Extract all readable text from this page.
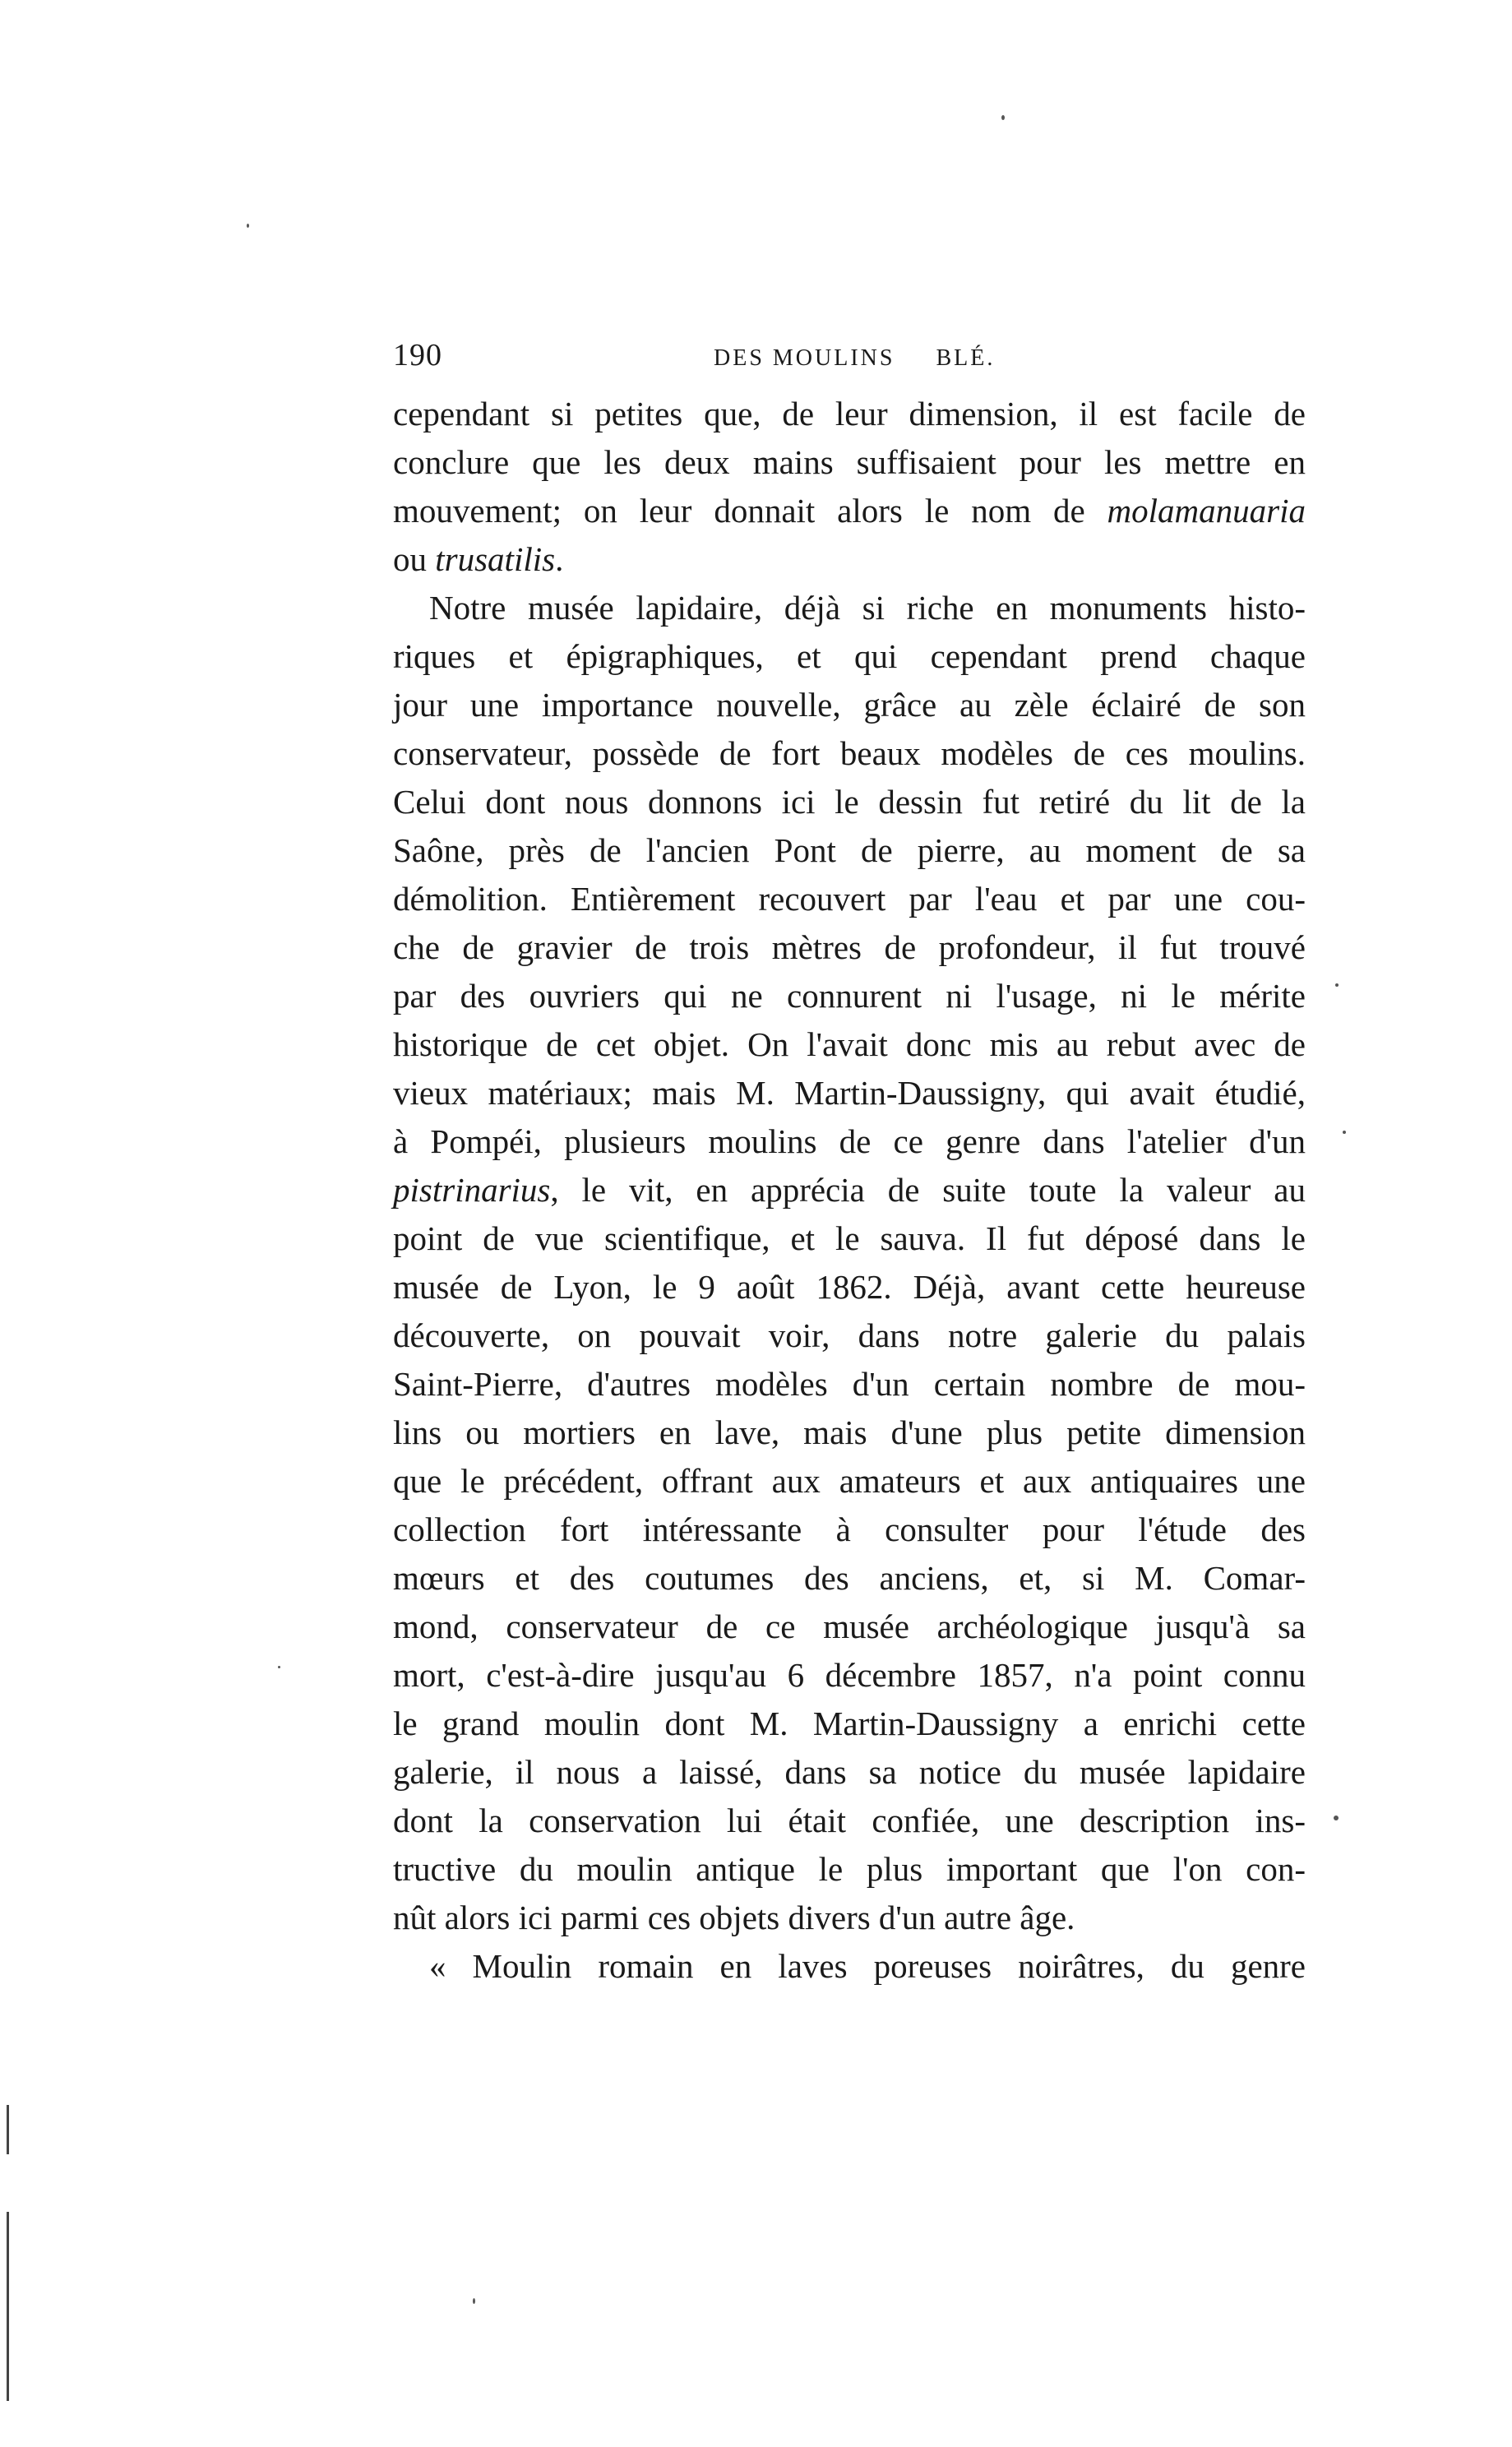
190	DES MOULINS BLÉ.
cependant si petites que, de leur dimension, il est facile de
conclure que les deux mains suffisaient pour les mettre en
mouvement; on leur donnait alors le nom de molamanuaria
ou trusatilis.
Notre musée lapidaire, déjà si riche en monuments histo-
riques et épigraphiques, et qui cependant prend chaque
jour une importance nouvelle, grâce au zèle éclairé de son
conservateur, possède de fort beaux modèles de ces moulins.
Celui dont nous donnons ici le dessin fut retiré du lit de la
Saône, près de l'ancien Pont de pierre, au moment de sa
démolition. Entièrement recouvert par l'eau et par une cou-
che de gravier de trois mètres de profondeur, il fut trouvé
par des ouvriers qui ne connurent ni l'usage, ni le mérite
historique de cet objet. On l'avait donc mis au rebut avec de
vieux matériaux; mais M. Martin-Daussigny, qui avait étudié,
à Pompéi, plusieurs moulins de ce genre dans l'atelier d'un
pistrinarius, le vit, en apprécia de suite toute la valeur au
point de vue scientifique, et le sauva. Il fut déposé dans le
musée de Lyon, le 9 août 1862. Déjà, avant cette heureuse
découverte, on pouvait voir, dans notre galerie du palais
Saint-Pierre, d'autres modèles d'un certain nombre de mou-
lins ou mortiers en lave, mais d'une plus petite dimension
que le précédent, offrant aux amateurs et aux antiquaires une
collection fort intéressante à consulter pour l'étude des
mœurs et des coutumes des anciens, et, si M. Comar-
mond, conservateur de ce musée archéologique jusqu'à sa
mort, c'est-à-dire jusqu'au 6 décembre 1857, n'a point connu
le grand moulin dont M. Martin-Daussigny a enrichi cette
galerie, il nous a laissé, dans sa notice du musée lapidaire
dont la conservation lui était confiée, une description ins-
tructive du moulin antique le plus important que l'on con-
nût alors ici parmi ces objets divers d'un autre âge.
« Moulin romain en laves poreuses noirâtres, du genre
